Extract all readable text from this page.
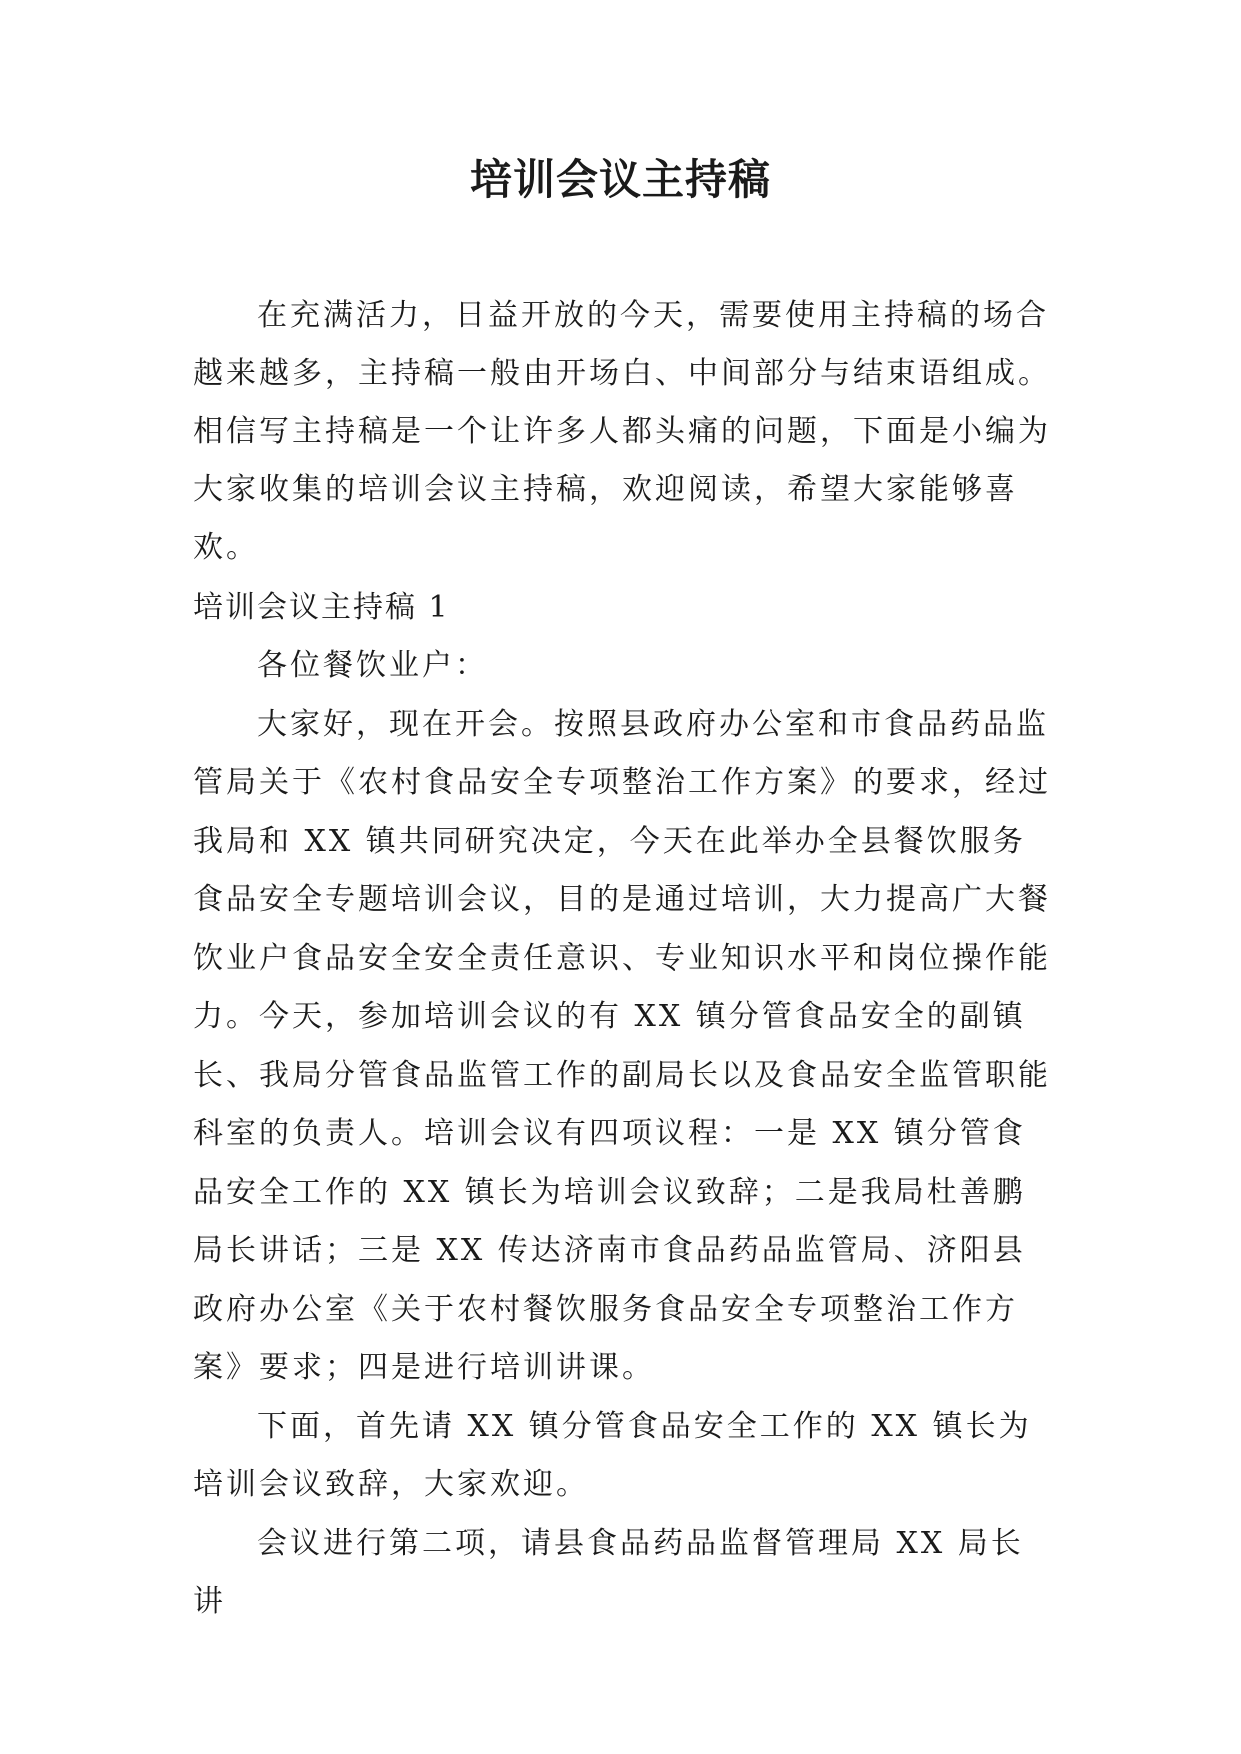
培训会议主持稿

在充满活力，日益开放的今天，需要使用主持稿的场合越来越多，主持稿一般由开场白、中间部分与结束语组成。相信写主持稿是一个让许多人都头痛的问题，下面是小编为大家收集的培训会议主持稿，欢迎阅读，希望大家能够喜欢。

培训会议主持稿 1

各位餐饮业户：

大家好，现在开会。按照县政府办公室和市食品药品监管局关于《农村食品安全专项整治工作方案》的要求，经过我局和 XX 镇共同研究决定，今天在此举办全县餐饮服务食品安全专题培训会议，目的是通过培训，大力提高广大餐饮业户食品安全安全责任意识、专业知识水平和岗位操作能力。今天，参加培训会议的有 XX 镇分管食品安全的副镇长、我局分管食品监管工作的副局长以及食品安全监管职能科室的负责人。培训会议有四项议程：一是 XX 镇分管食品安全工作的 XX 镇长为培训会议致辞；二是我局杜善鹏局长讲话；三是 XX 传达济南市食品药品监管局、济阳县政府办公室《关于农村餐饮服务食品安全专项整治工作方案》要求；四是进行培训讲课。

下面，首先请 XX 镇分管食品安全工作的 XX 镇长为培训会议致辞，大家欢迎。

会议进行第二项，请县食品药品监督管理局 XX 局长讲
